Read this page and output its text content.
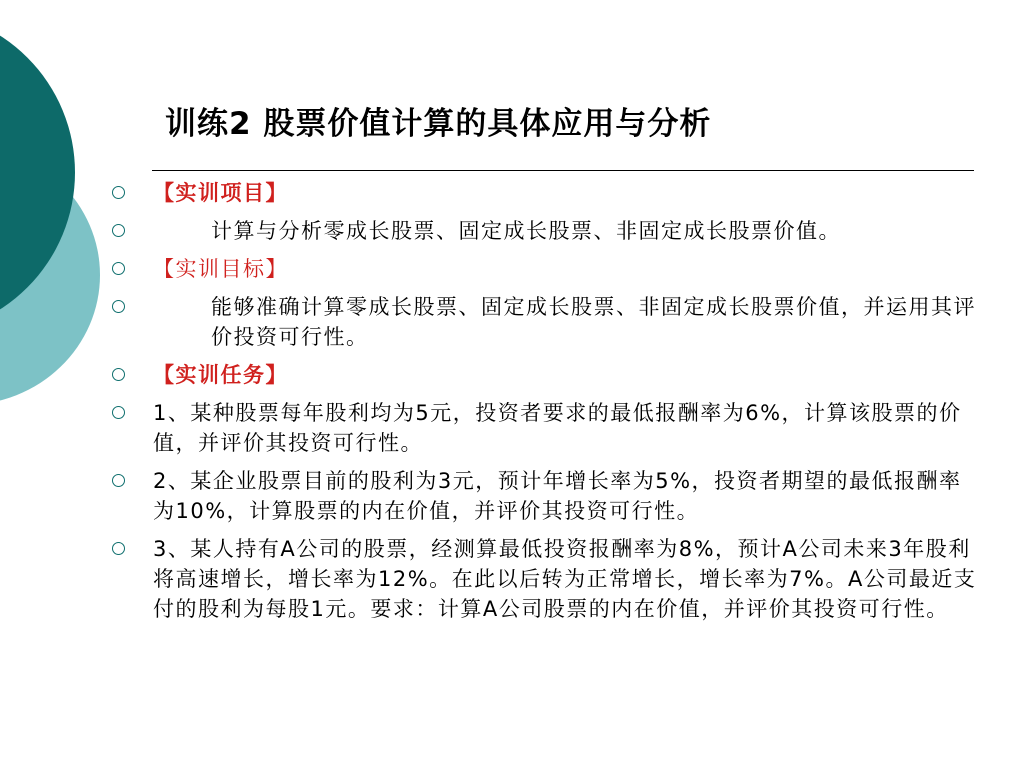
训练2 股票价值计算的具体应用与分析
【实训项目】
计算与分析零成长股票、固定成长股票、非固定成长股票价值。
【实训目标】
能够准确计算零成长股票、固定成长股票、非固定成长股票价值，并运用其评价投资可行性。
【实训任务】
1、某种股票每年股利均为5元，投资者要求的最低报酬率为6%，计算该股票的价值，并评价其投资可行性。
2、某企业股票目前的股利为3元，预计年增长率为5%，投资者期望的最低报酬率为10%，计算股票的内在价值，并评价其投资可行性。
3、某人持有A公司的股票，经测算最低投资报酬率为8%，预计A公司未来3年股利将高速增长，增长率为12%。在此以后转为正常增长，增长率为7%。A公司最近支付的股利为每股1元。要求：计算A公司股票的内在价值，并评价其投资可行性。
